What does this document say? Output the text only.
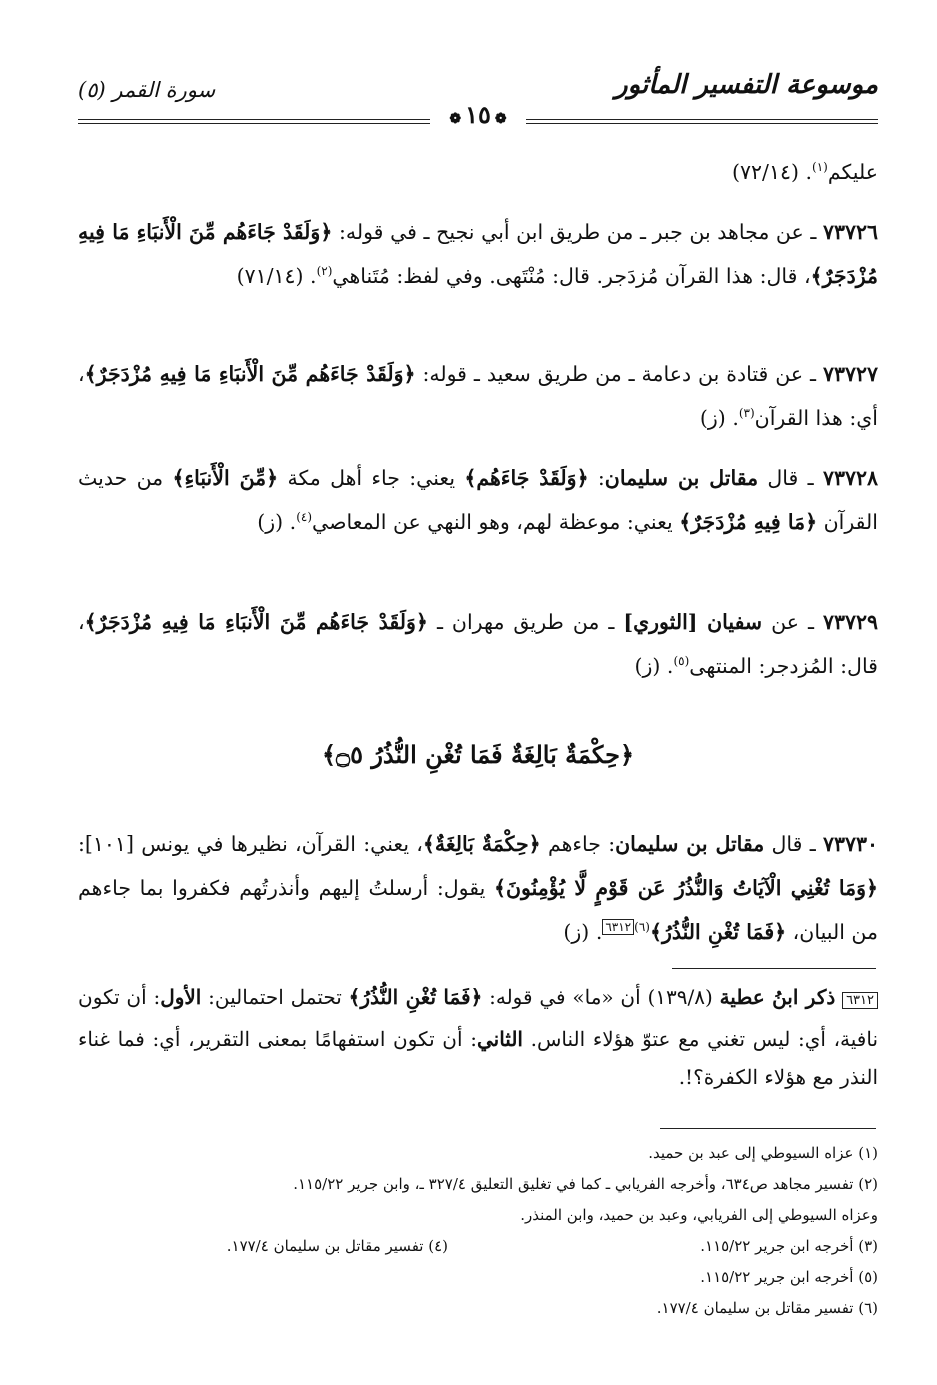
موسوعة التفسير المأثور
سورة القمر (٥)
❁١٥❁
عليكم$^{(١)}$. (٧٢/١٤)
٧٣٧٢٦ ـ عن مجاهد بن جبر ـ من طريق ابن أبي نجيح ـ في قوله: ﴿وَلَقَدْ جَاءَهُم مِّنَ الْأَنبَاءِ مَا فِيهِ مُزْدَجَرٌ﴾، قال: هذا القرآن مُزدَجر. قال: مُنْتَهى. وفي لفظ: مُتَناهي$^{(٢)}$. (٧١/١٤)
٧٣٧٢٧ ـ عن قتادة بن دعامة ـ من طريق سعيد ـ قوله: ﴿وَلَقَدْ جَاءَهُم مِّنَ الْأَنبَاءِ مَا فِيهِ مُزْدَجَرٌ﴾، أي: هذا القرآن$^{(٣)}$. (ز)
٧٣٧٢٨ ـ قال مقاتل بن سليمان: ﴿وَلَقَدْ جَاءَهُم﴾ يعني: جاء أهل مكة ﴿مِّنَ الْأَنبَاءِ﴾ من حديث القرآن ﴿مَا فِيهِ مُزْدَجَرٌ﴾ يعني: موعظة لهم، وهو النهي عن المعاصي$^{(٤)}$. (ز)
٧٣٧٢٩ ـ عن سفيان [الثوري] ـ من طريق مهران ـ ﴿وَلَقَدْ جَاءَهُم مِّنَ الْأَنبَاءِ مَا فِيهِ مُزْدَجَرٌ﴾، قال: المُزدجر: المنتهى$^{(٥)}$. (ز)
﴿حِكْمَةٌ بَالِغَةٌ فَمَا تُغْنِ النُّذُرُ ۝٥﴾
٧٣٧٣٠ ـ قال مقاتل بن سليمان: جاءهم ﴿حِكْمَةٌ بَالِغَةٌ﴾، يعني: القرآن، نظيرها في يونس [١٠١]: ﴿وَمَا تُغْنِي الْآيَاتُ وَالنُّذُرُ عَن قَوْمٍ لَّا يُؤْمِنُونَ﴾ يقول: أرسلتُ إليهم وأنذرتُهم فكفروا بما جاءهم من البيان، ﴿فَمَا تُغْنِ النُّذُرُ﴾$^{(٦)٦٣١٢}$. (ز)
٦٣١٢ ذكر ابنُ عطية (١٣٩/٨) أن «ما» في قوله: ﴿فَمَا تُغْنِ النُّذُرُ﴾ تحتمل احتمالين: الأول: أن تكون نافية، أي: ليس تغني مع عتوّ هؤلاء الناس. الثاني: أن تكون استفهامًا بمعنى التقرير، أي: فما غناء النذر مع هؤلاء الكفرة؟!.
(١) عزاه السيوطي إلى عبد بن حميد.
(٢) تفسير مجاهد ص٦٣٤، وأخرجه الفريابي ـ كما في تغليق التعليق ٣٢٧/٤ ـ، وابن جرير ١١٥/٢٢.
وعزاه السيوطي إلى الفريابي، وعبد بن حميد، وابن المنذر.
(٣) أخرجه ابن جرير ١١٥/٢٢.
(٤) تفسير مقاتل بن سليمان ١٧٧/٤.
(٥) أخرجه ابن جرير ١١٥/٢٢.
(٦) تفسير مقاتل بن سليمان ١٧٧/٤.
